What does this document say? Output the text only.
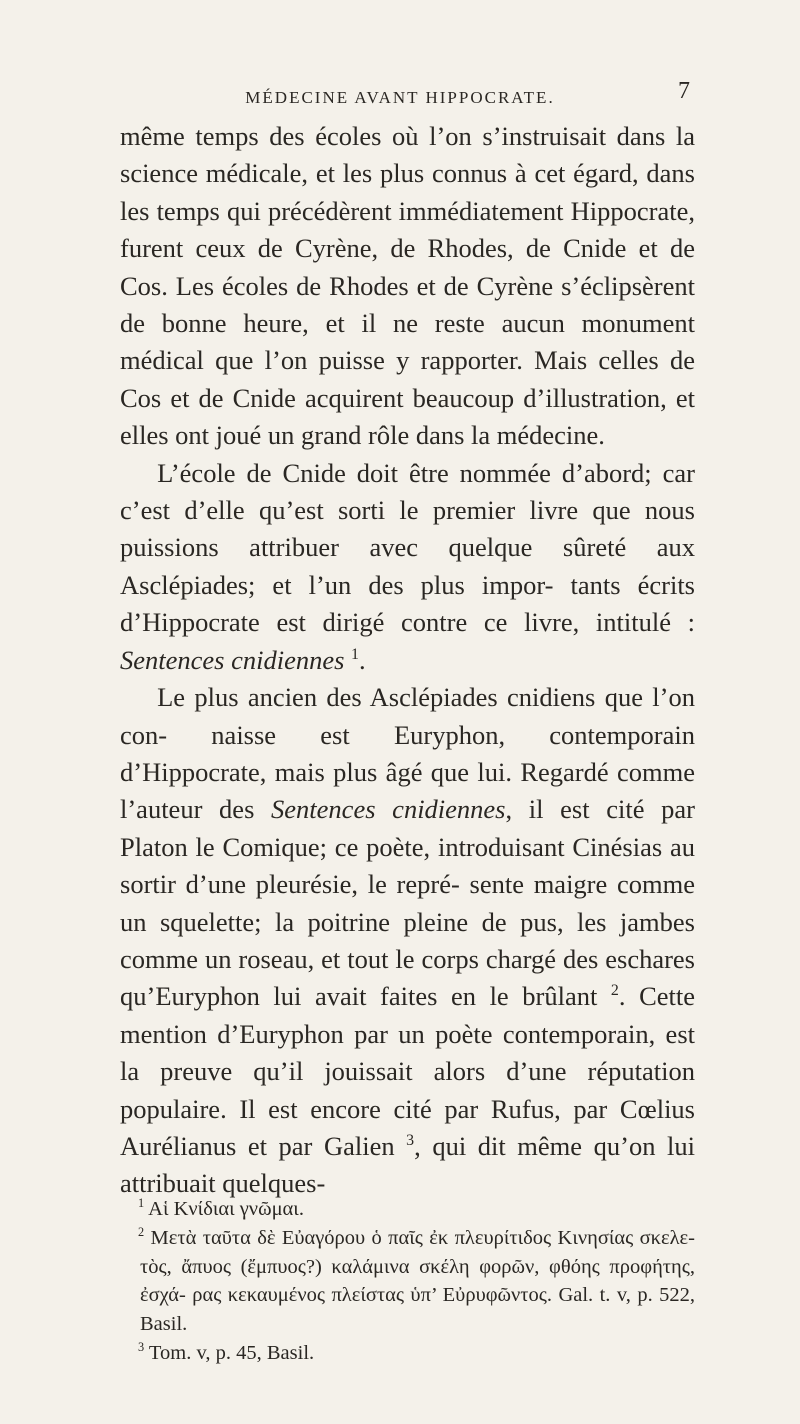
MÉDECINE AVANT HIPPOCRATE.	7

même temps des écoles où l’on s’instruisait dans la science médicale, et les plus connus à cet égard, dans les temps qui précédèrent immédiatement Hippocrate, furent ceux de Cyrène, de Rhodes, de Cnide et de Cos. Les écoles de Rhodes et de Cyrène s’éclipsèrent de bonne heure, et il ne reste aucun monument médical que l’on puisse y rapporter. Mais celles de Cos et de Cnide acquirent beaucoup d’illustration, et elles ont joué un grand rôle dans la médecine.

L’école de Cnide doit être nommée d’abord; car c’est d’elle qu’est sorti le premier livre que nous puissions attribuer avec quelque sûreté aux Asclépiades; et l’un des plus impor- tants écrits d’Hippocrate est dirigé contre ce livre, intitulé : Sentences cnidiennes $^1$.

Le plus ancien des Asclépiades cnidiens que l’on con- naisse est Euryphon, contemporain d’Hippocrate, mais plus âgé que lui. Regardé comme l’auteur des Sentences cnidiennes, il est cité par Platon le Comique; ce poète, introduisant Cinésias au sortir d’une pleurésie, le repré- sente maigre comme un squelette; la poitrine pleine de pus, les jambes comme un roseau, et tout le corps chargé des eschares qu’Euryphon lui avait faites en le brûlant $^2$. Cette mention d’Euryphon par un poète contemporain, est la preuve qu’il jouissait alors d’une réputation populaire. Il est encore cité par Rufus, par Cœlius Aurélianus et par Galien $^3$, qui dit même qu’on lui attribuait quelques-

$^1$ Αἱ Κνίδιαι γνῶμαι.

$^2$ Μετὰ ταῦτα δὲ Εὐαγόρου ὁ παῖς ἐκ πλευρίτιδος Κινησίας σκελε- τὸς, ἄπυος (ἔμπυος?) καλάμινα σκέλη φορῶν, φθόης προφήτης, ἐσχά- ρας κεκαυμένος πλείστας ὑπ’ Εὐρυφῶντος. Gal. t. v, p. 522, Basil.

$^3$ Tom. v, p. 45, Basil.
